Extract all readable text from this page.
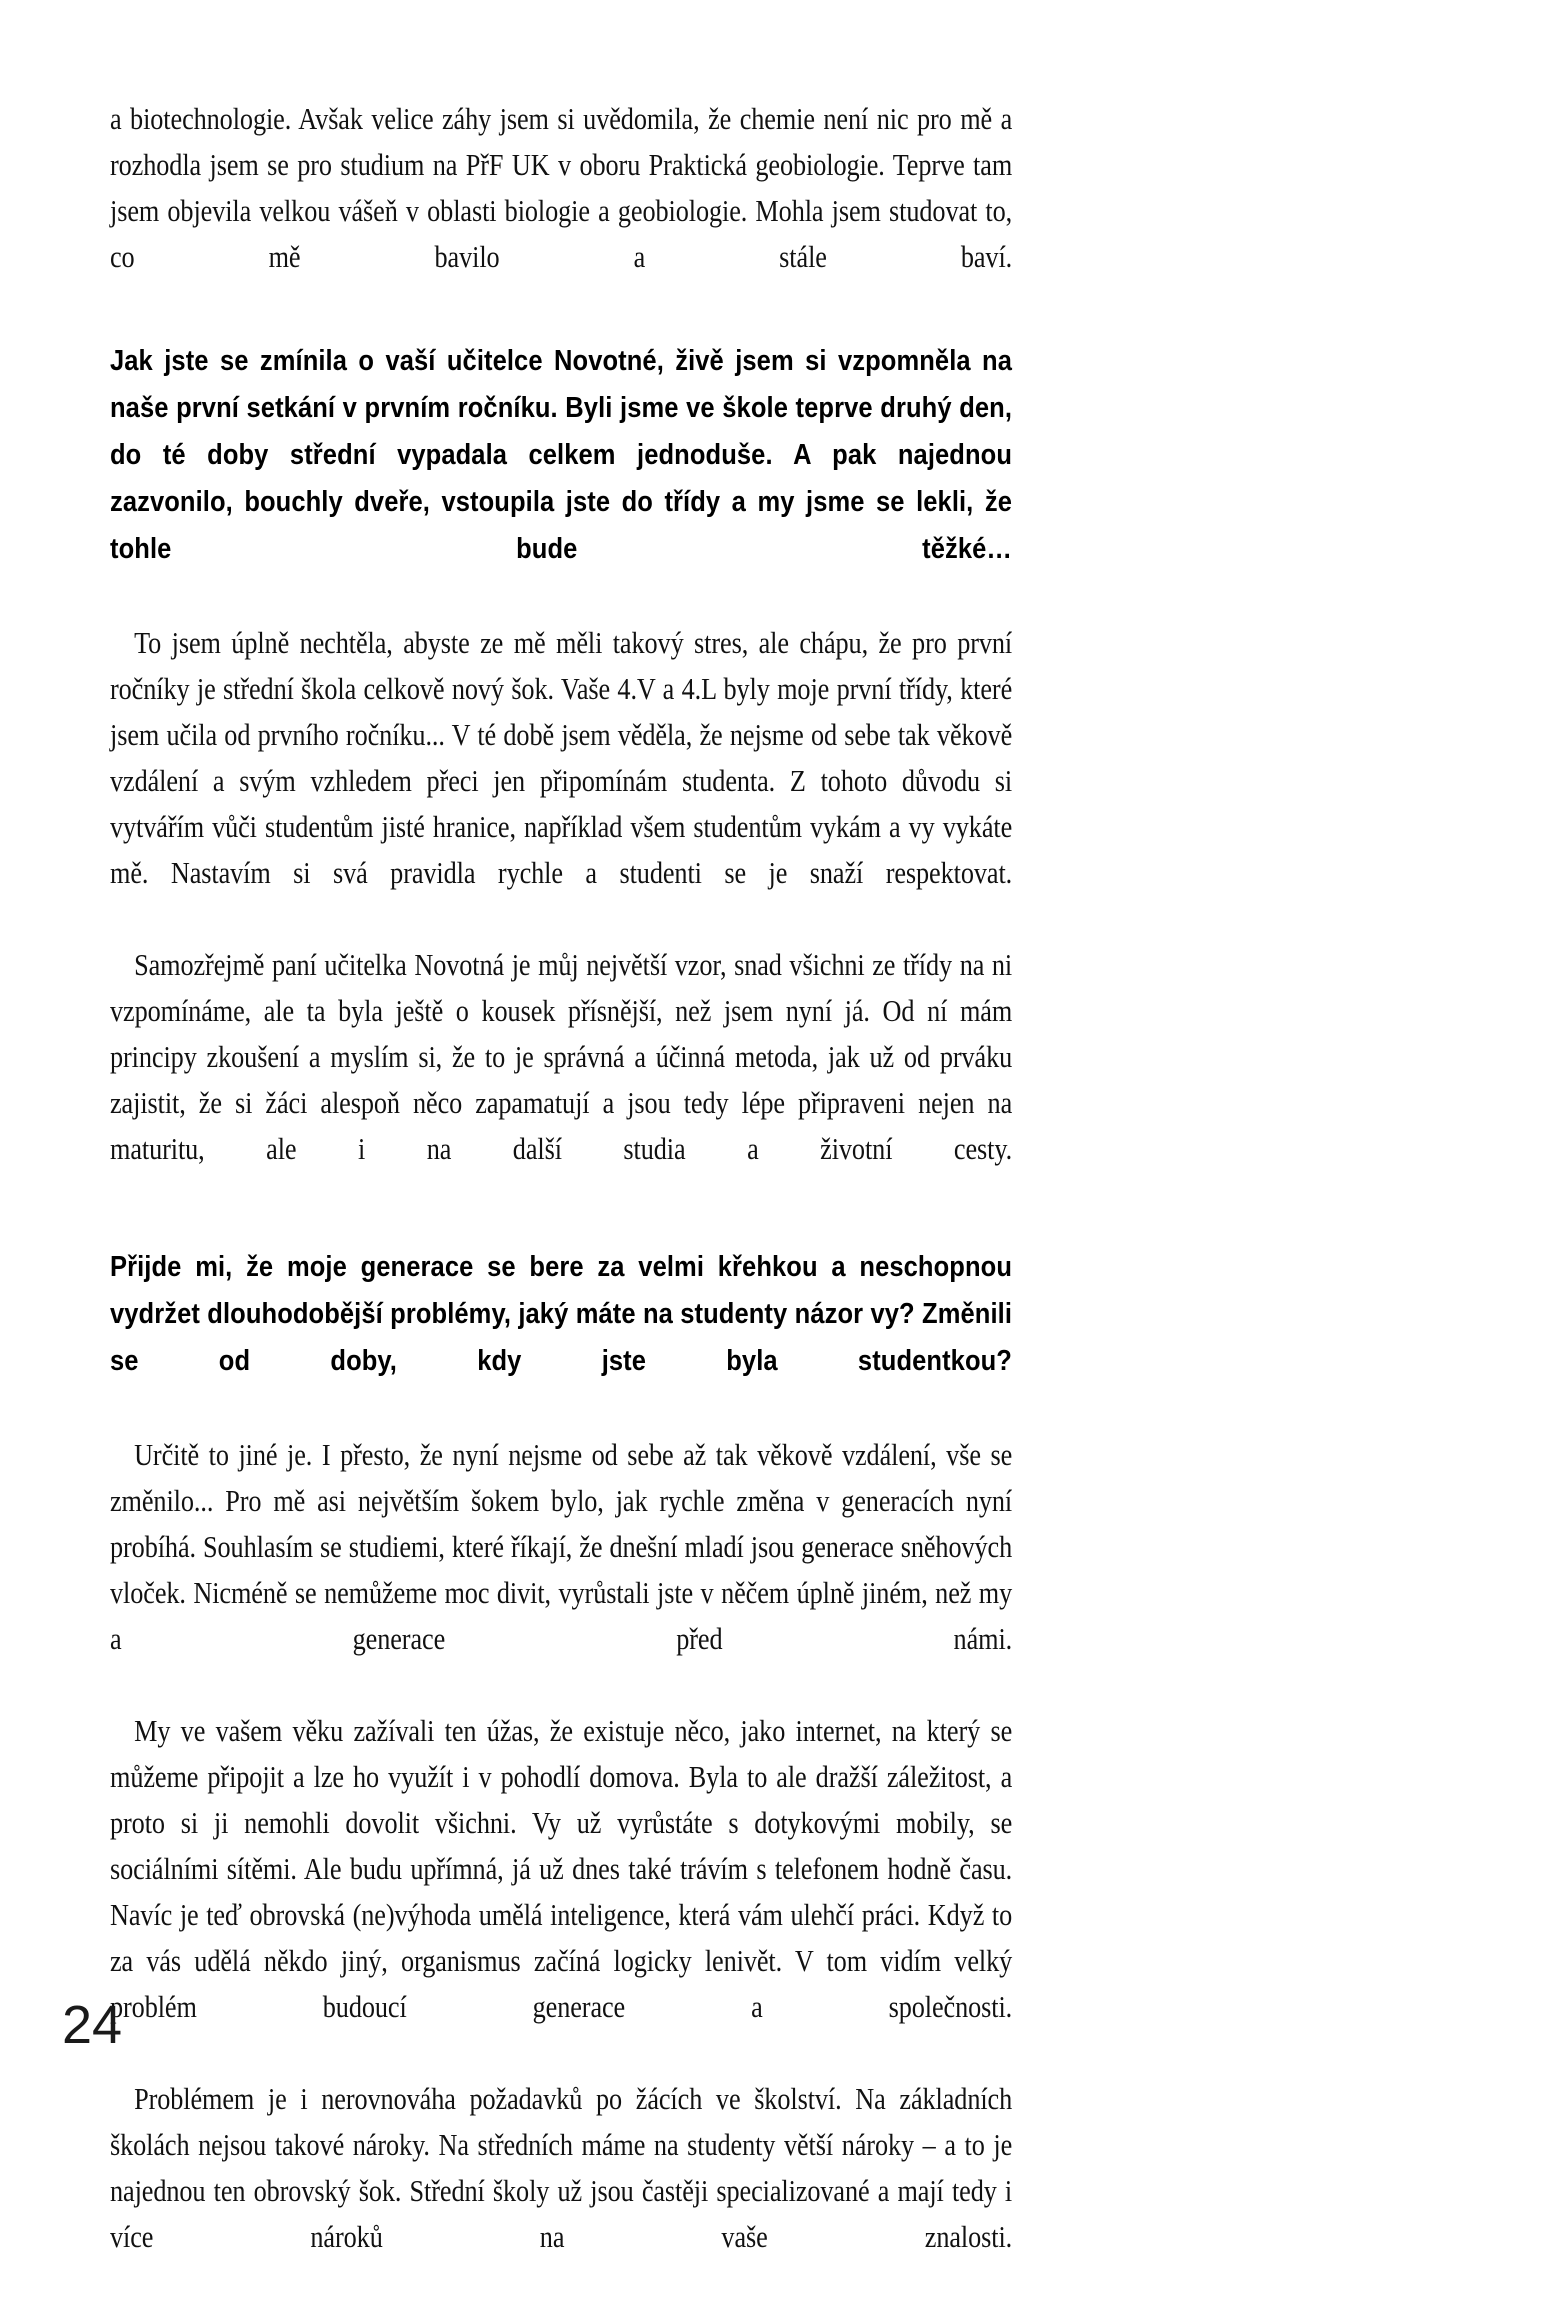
a biotechnologie. Avšak velice záhy jsem si uvědomila, že chemie není nic pro mě a rozhodla jsem se pro studium na PřF UK v oboru Praktická geobiologie. Teprve tam jsem objevila velkou vášeň v oblasti biologie a geobiologie. Mohla jsem studovat to, co mě bavilo a stále baví.

Jak jste se zmínila o vaší učitelce Novotné, živě jsem si vzpomněla na naše první setkání v prvním ročníku. Byli jsme ve škole teprve druhý den, do té doby střední vypadala celkem jednoduše. A pak najednou zazvonilo, bouchly dveře, vstoupila jste do třídy a my jsme se lekli, že tohle bude těžké…

To jsem úplně nechtěla, abyste ze mě měli takový stres, ale chápu, že pro první ročníky je střední škola celkově nový šok. Vaše 4.V a 4.L byly moje první třídy, které jsem učila od prvního ročníku... V té době jsem věděla, že nejsme od sebe tak věkově vzdálení a svým vzhledem přeci jen připomínám studenta. Z tohoto důvodu si vytvářím vůči studentům jisté hranice, například všem studentům vykám a vy vykáte mě. Nastavím si svá pravidla rychle a studenti se je snaží respektovat.

Samozřejmě paní učitelka Novotná je můj největší vzor, snad všichni ze třídy na ni vzpomínáme, ale ta byla ještě o kousek přísnější, než jsem nyní já. Od ní mám principy zkoušení a myslím si, že to je správná a účinná metoda, jak už od prváku zajistit, že si žáci alespoň něco zapamatují a jsou tedy lépe připraveni nejen na maturitu, ale i na další studia a životní cesty.

Přijde mi, že moje generace se bere za velmi křehkou a neschopnou vydržet dlouhodobější problémy, jaký máte na studenty názor vy? Změnili se od doby, kdy jste byla studentkou?

Určitě to jiné je. I přesto, že nyní nejsme od sebe až tak věkově vzdálení, vše se změnilo... Pro mě asi největším šokem bylo, jak rychle změna v generacích nyní probíhá. Souhlasím se studiemi, které říkají, že dnešní mladí jsou generace sněhových vloček. Nicméně se nemůžeme moc divit, vyrůstali jste v něčem úplně jiném, než my a generace před námi.

My ve vašem věku zažívali ten úžas, že existuje něco, jako internet, na který se můžeme připojit a lze ho využít i v pohodlí domova. Byla to ale dražší záležitost, a proto si ji nemohli dovolit všichni. Vy už vyrůstáte s dotykovými mobily, se sociálními sítěmi. Ale budu upřímná, já už dnes také trávím s telefonem hodně času. Navíc je teď obrovská (ne)výhoda umělá inteligence, která vám ulehčí práci. Když to za vás udělá někdo jiný, organismus začíná logicky lenivět. V tom vidím velký problém budoucí generace a společnosti.

Problémem je i nerovnováha požadavků po žácích ve školství. Na základních školách nejsou takové nároky. Na středních máme na studenty větší nároky – a to je najednou ten obrovský šok. Střední školy už jsou častěji specializované a mají tedy i více nároků na vaše znalosti.

24
